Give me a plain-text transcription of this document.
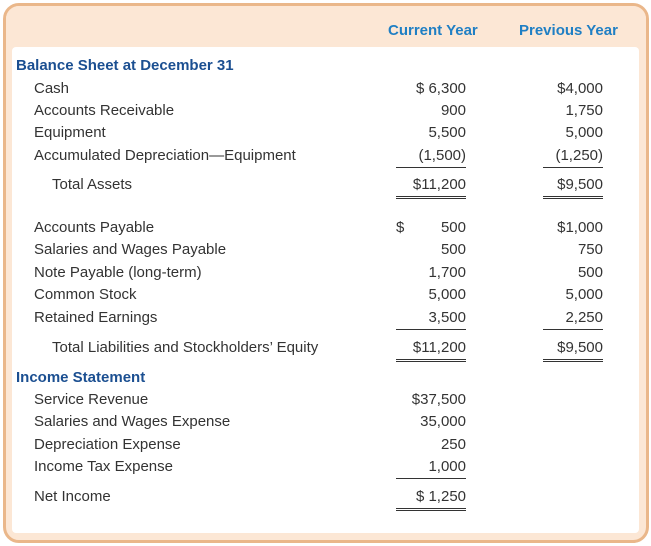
Current Year	Previous Year
Balance Sheet at December 31
Cash	$ 6,300	$4,000
Accounts Receivable	900	1,750
Equipment	5,500	5,000
Accumulated Depreciation—Equipment	(1,500)	(1,250)
Total Assets	$11,200	$9,500
Accounts Payable	$ 500	$1,000
Salaries and Wages Payable	500	750
Note Payable (long-term)	1,700	500
Common Stock	5,000	5,000
Retained Earnings	3,500	2,250
Total Liabilities and Stockholders’ Equity	$11,200	$9,500
Income Statement
Service Revenue	$37,500
Salaries and Wages Expense	35,000
Depreciation Expense	250
Income Tax Expense	1,000
Net Income	$ 1,250
